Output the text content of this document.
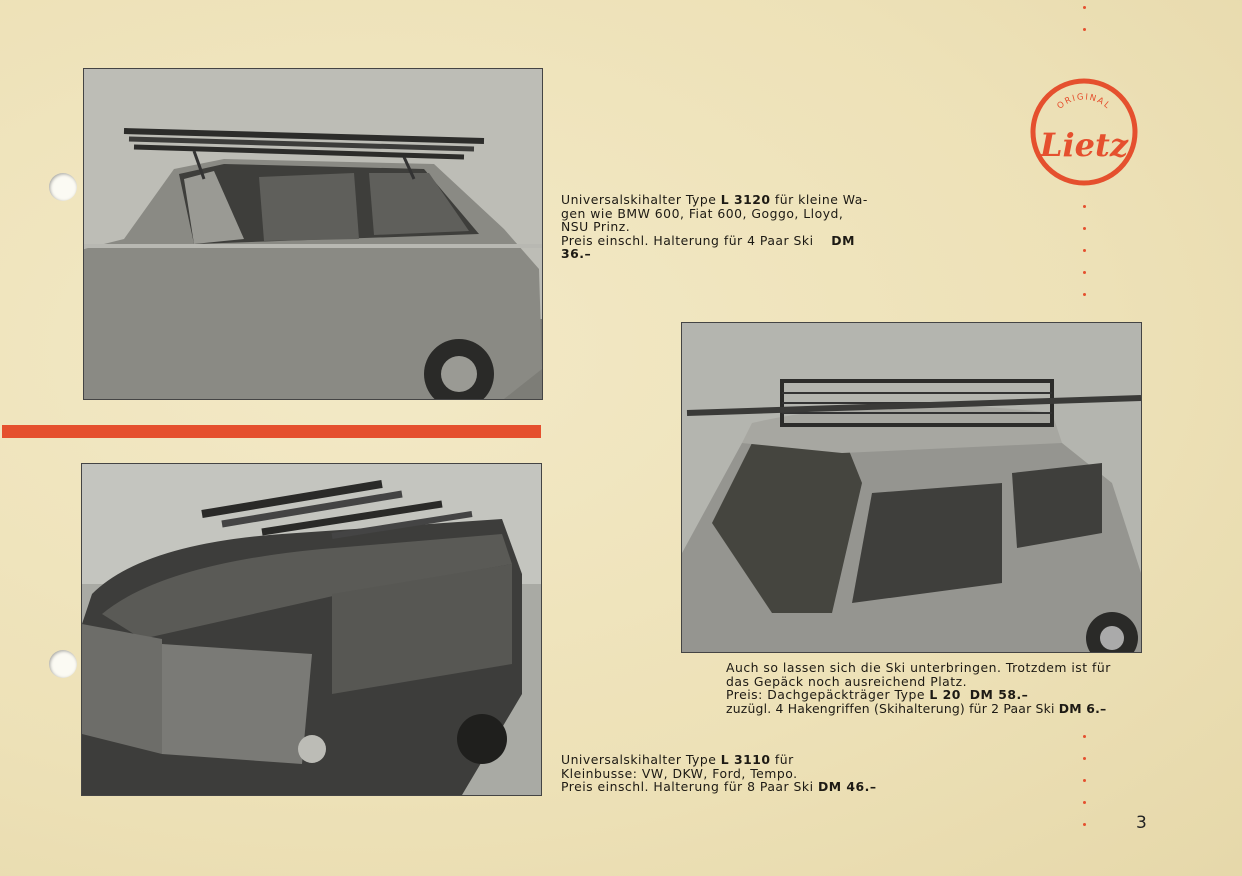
Universalskihalter Type L 3120 für kleine Wa-
gen wie BMW 600, Fiat 600, Goggo, Lloyd,
NSU Prinz.
Preis einschl. Halterung für 4 Paar Ski DM 36.–
Auch so lassen sich die Ski unterbringen. Trotzdem ist für
das Gepäck noch ausreichend Platz.
Preis: Dachgepäckträger Type L 20 DM 58.–
zuzügl. 4 Hakengriffen (Skihalterung) für 2 Paar Ski DM 6.–
Universalskihalter Type L 3110 für
Kleinbusse: VW, DKW, Ford, Tempo.
Preis einschl. Halterung für 8 Paar Ski DM 46.–
ORIGINAL
Lietz
3
